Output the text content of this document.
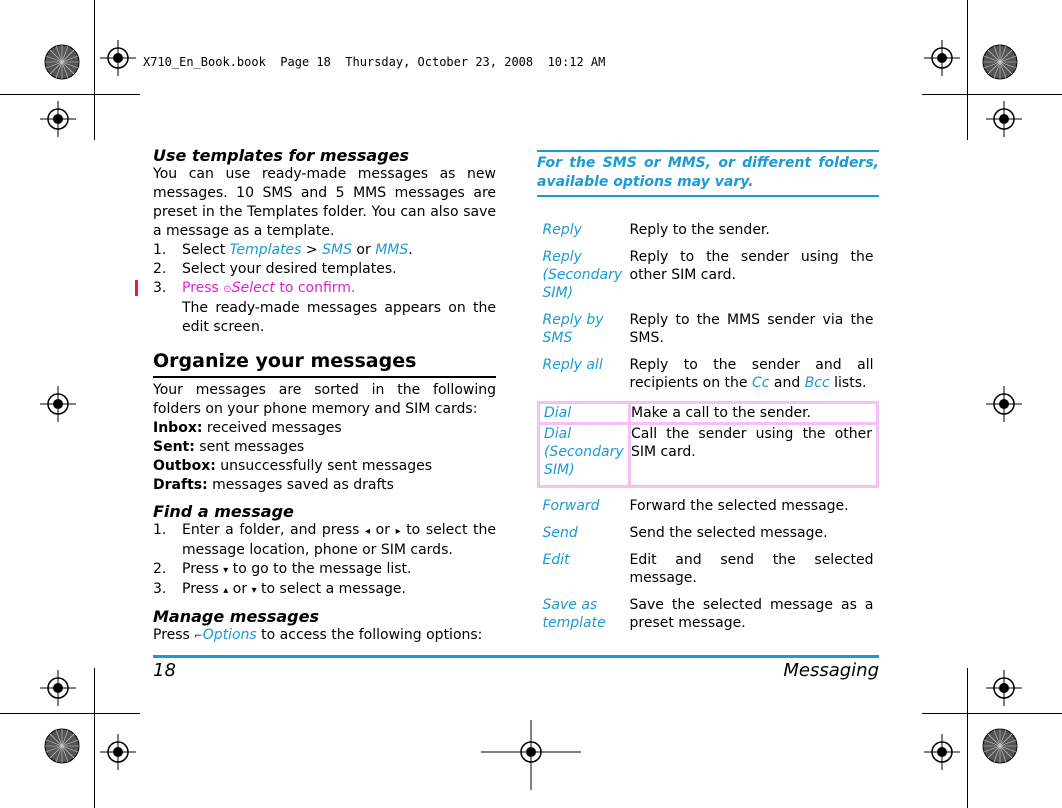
X710_En_Book.book  Page 18  Thursday, October 23, 2008  10:12 AM
Use templates for messages

You can use ready-made messages as new messages. 10 SMS and 5 MMS messages are preset in the Templates folder. You can also save a message as a template.

1.	Select Templates > SMS or MMS.
2.	Select your desired templates.
3.	Press ⊙Select to confirm.
The ready-made messages appears on the edit screen.
Organize your messages

Your messages are sorted in the following folders on your phone memory and SIM cards:

Inbox: received messages

Sent: sent messages

Outbox: unsuccessfully sent messages

Drafts: messages saved as drafts

Find a message
1.	Enter a folder, and press ◂ or ▸ to select the message location, phone or SIM cards.
2.	Press ▾ to go to the message list.
3.	Press ▴ or ▾ to select a message.
Manage messages

Press ⌐Options to access the following options:

For the SMS or MMS, or different folders, available options may vary.
Reply	Reply to the sender.
Reply (Secondary SIM)	Reply to the sender using the other SIM card.
Reply by SMS	Reply to the MMS sender via the SMS.
Reply all	Reply to the sender and all recipients on the Cc and Bcc lists.
Dial	Make a call to the sender.
Dial (Secondary SIM)	Call the sender using the other SIM card.

Forward	Forward the selected message.
Send	Send the selected message.
Edit	Edit and send the selected message.
Save as template	Save the selected message as a preset message.
18	Messaging
